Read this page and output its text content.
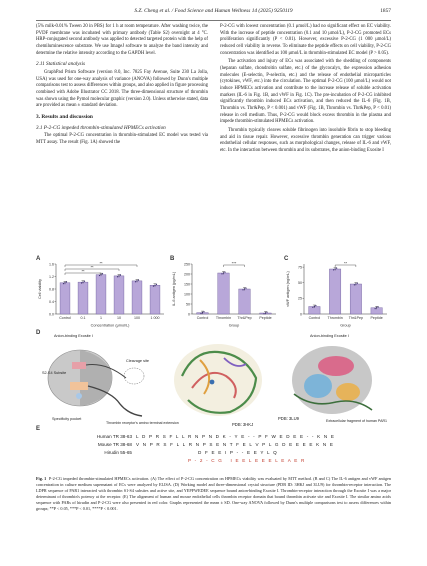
S.Z. Cheng et al. / Food Science and Human Wellness 14 (2025) 9250119	1857

(5% milk-0.01% Tween 20 in PBS) for 1 h at room temperature. After washing twice, the PVDF membrane was incubated with primary antibody (Table S2) overnight at 4 °C. HRP-conjugated second antibody was applied to detected targeted protein with the help of chemiluminescence substrate. We use ImageJ software to analyze the band intensity and determine the relative intensity according to the GAPDH level.

2.11 Statistical analysis

GraphPad Prism Software (version 8.0, Inc. 7825 Fay Avenue, Suite 230 La Jolla, USA) was used for one-way analysis of variance (ANOVA) followed by Dunn's multiple comparisons test to assess differences within groups, and also applied in figure processing combined with Adobe Illustrator CC 2018. The three-dimensional structure of thrombin was shown using the Pymol molecular graphic (version 2.0). Unless otherwise stated, data are provided as mean ± standard deviation.

3. Results and discussion
3.1 P-2-CG impeded thrombin-stimulated HPMECs activation

The optimal P-2-CG concentration in thrombin-stimulated EC model was tested via MTT assay. The result (Fig. 1A) showed the

P-2-CG with lowest concentration (0.1 μmol/L) had no significant effect on EC viability. With the increase of peptide concentration (0.1 and 10 μmol/L), P-2-CG promoted ECs proliferation significantly (P < 0.01). However, excessive P-2-CG (1 000 μmol/L) reduced cell viability in reverse. To eliminate the peptide effects on cell viability, P-2-CG concentration was identified as 100 μmol/L in thrombin-stimulated EC model (P > 0.05).

The activation and injury of ECs was associated with the shedding of components (heparan sulfate, chondroitin sulfate, etc.) of the glycocalyx, the expression adhesion molecules (E-selectin, P-selectin, etc.) and the release of endothelial microparticles (cytokines, vWF, etc.) into the circulation. The optimal P-2-CG (100 μmol/L) would not induce HPMECs activation and contribute to the increase release of soluble activation markers (IL-6 in Fig. 1B, and vWF in Fig. 1C). The pre-incubation of P-2-CG inhibited significantly thrombin induced ECs activation, and then reduced the IL-6 (Fig. 1B, Thrombin vs. Thr&Pep, P < 0.001) and vWF (Fig. 1B, Thrombin vs. Thr&Pep, P < 0.01) release in cell medium. Thus, P-2-CG would block excess thrombin in the plasma and impede thrombin-stimulated HPMECs activation.

Thrombin typically cleaves soluble fibrinogen into insoluble fibrin to stop bleeding and aid in tissue repair. However, excessive thrombin generation can trigger various endothelial cellular responses, such as morphological changes, release of IL-6 and vWF, etc. In the interaction between thrombin and its substrates, the anion-binding Exosite I

A
0.0
0.4
0.8
1.2
1.6
Cell viability
Control	0.1	1	10	100	1 000
Concentration (μmol/L)
**
**
**
B
0
50
100
150
200
250
IL-6 antigen (pg/mL)
Control Thrombin Thr&Pep Peptide
Group
***
C
0
25
50
75
vWF antigen (ng/mL)
Control Thrombin Thr&Pep Peptide
Group
**
D	Anion-binding Exosite I
S2-S4 Subsite
Cleavage site
Specificity pocket
Thrombin receptor's amino terminal extension	PDB: 3HKJ
Anion-binding Exosite I
PDB: 3LU9	Extracellular fragment of human PAR1
E
Human TR 38-63 L D P R S F L L R N P N D K - Y E - - P F W E D E E - - K N E
Mouse TR 38-68 V N P R S F L L R N P S E N T F E L V P L G D E E E E K N E
Hirudin 55-65	D F E E I P - - E E Y L Q
P - 2 - C G   I E E L E E E L E A E R
Fig. 1 P-2-CG impeded thrombin-stimulated HPMECs activation. (A) The effect of P-2-CG concentration on HPMECs viability was evaluated by MTT method. (B and C) The IL-6 antigen and vWF antigen concentration in culture medium supernatant of ECs were analyzed by ELISA. (D) Working model and three-dimensional crystal structure (PDB ID: 3HKJ and 3LU9) for thrombin-receptor interaction. The LDPR sequence of PAR1 interacted with thrombin S1-S4 subsites and active site, and YEPFWEDEE sequence bound anion-binding Exosite I. Thrombin-receptor interaction through the Exosite I was a major determinant of thrombin's potency at the receptor. (E) The alignment of human and mouse endothelial cells thrombin receptor domain that bound thrombin activate site and Exosite I. The similar amino acids sequence with PARs of hirudin and P-2-CG were also presented in red color. Graphs represented the mean ± SD. One-way ANOVA followed by Dunn's multiple comparisons test to assess differences within groups; **P < 0.05, ***P < 0.01, ****P < 0.001.
